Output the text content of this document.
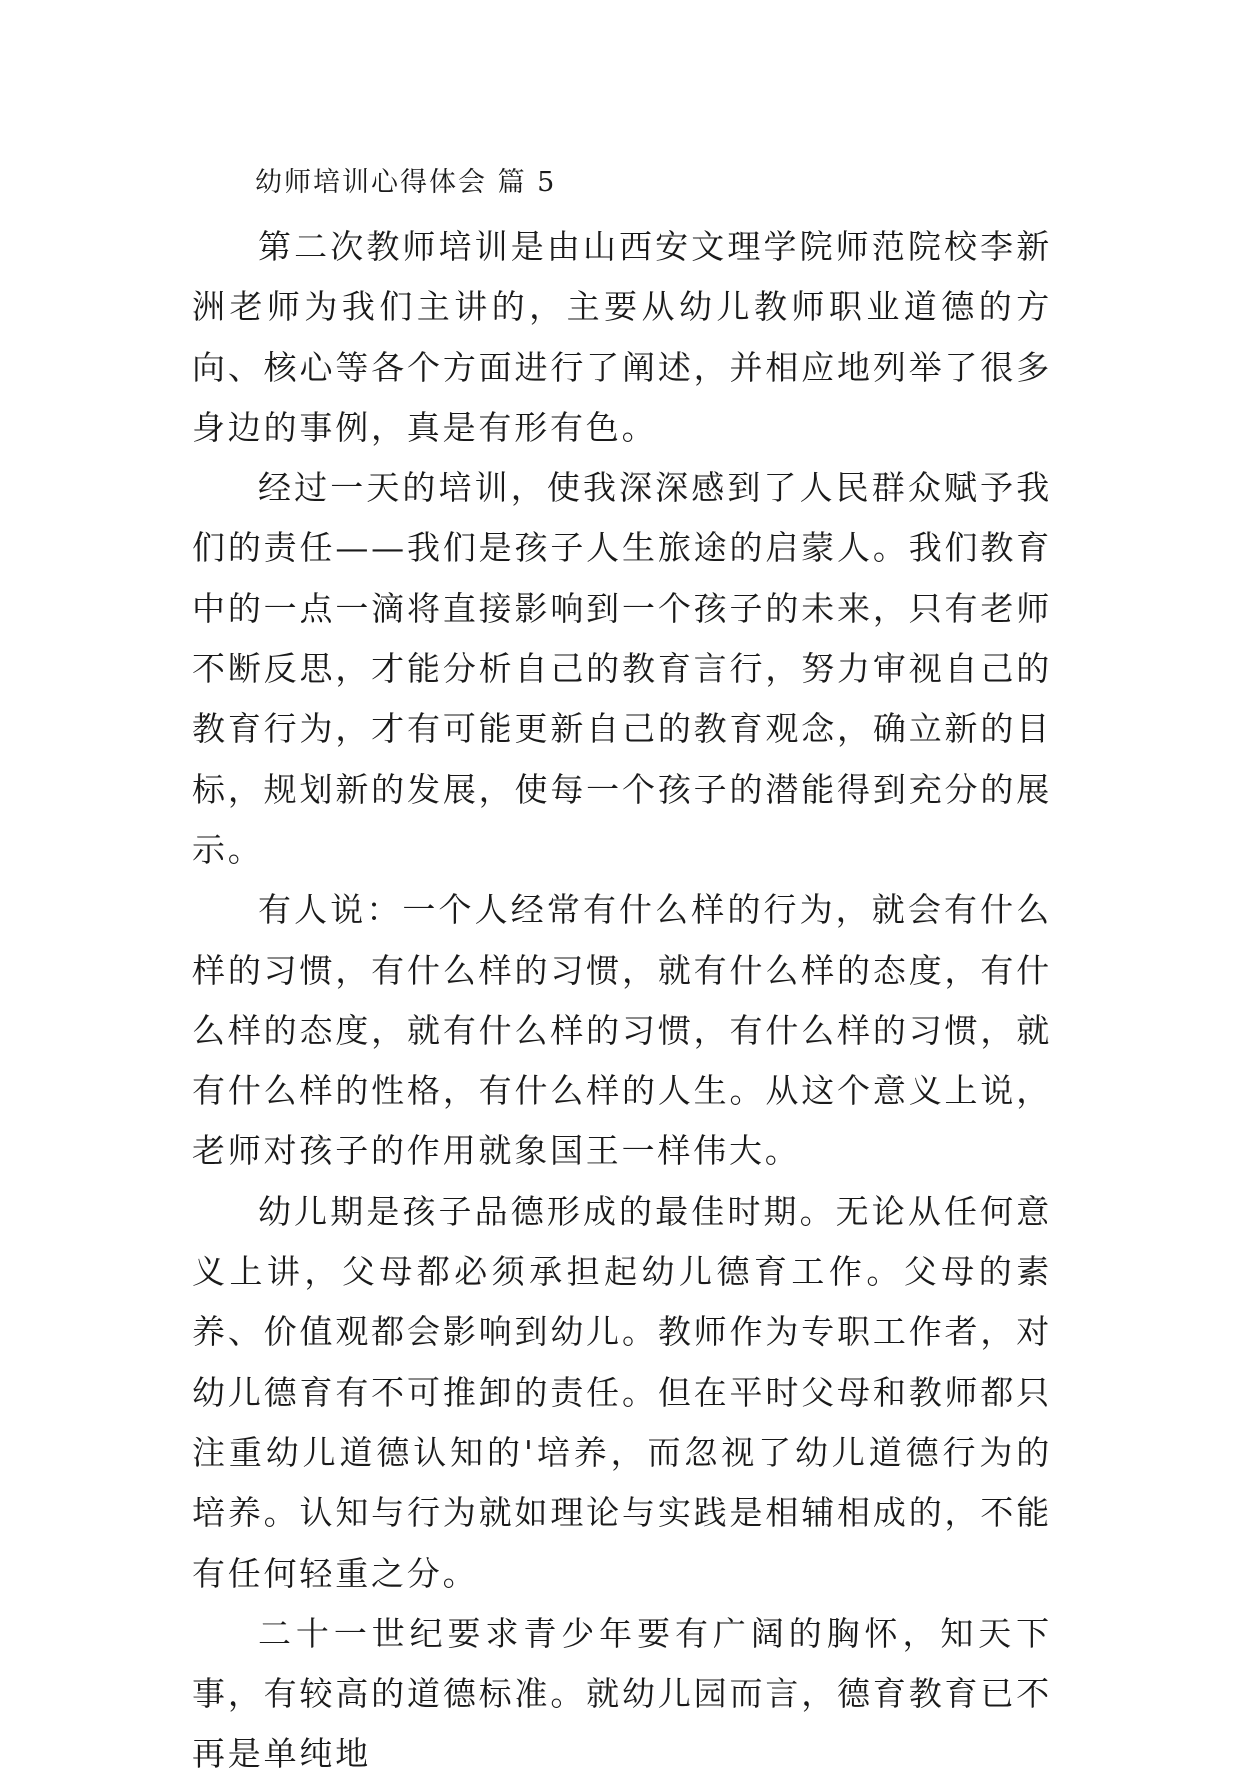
幼师培训心得体会 篇 5

第二次教师培训是由山西安文理学院师范院校李新洲老师为我们主讲的，主要从幼儿教师职业道德的方向、核心等各个方面进行了阐述，并相应地列举了很多身边的事例，真是有形有色。

经过一天的培训，使我深深感到了人民群众赋予我们的责任——我们是孩子人生旅途的启蒙人。我们教育中的一点一滴将直接影响到一个孩子的未来，只有老师不断反思，才能分析自己的教育言行，努力审视自己的教育行为，才有可能更新自己的教育观念，确立新的目标，规划新的发展，使每一个孩子的潜能得到充分的展示。

有人说：一个人经常有什么样的行为，就会有什么样的习惯，有什么样的习惯，就有什么样的态度，有什么样的态度，就有什么样的习惯，有什么样的习惯，就有什么样的性格，有什么样的人生。从这个意义上说，老师对孩子的作用就象国王一样伟大。

幼儿期是孩子品德形成的最佳时期。无论从任何意义上讲，父母都必须承担起幼儿德育工作。父母的素养、价值观都会影响到幼儿。教师作为专职工作者，对幼儿德育有不可推卸的责任。但在平时父母和教师都只注重幼儿道德认知的'培养，而忽视了幼儿道德行为的培养。认知与行为就如理论与实践是相辅相成的，不能有任何轻重之分。

二十一世纪要求青少年要有广阔的胸怀，知天下事，有较高的道德标准。就幼儿园而言，德育教育已不再是单纯地
